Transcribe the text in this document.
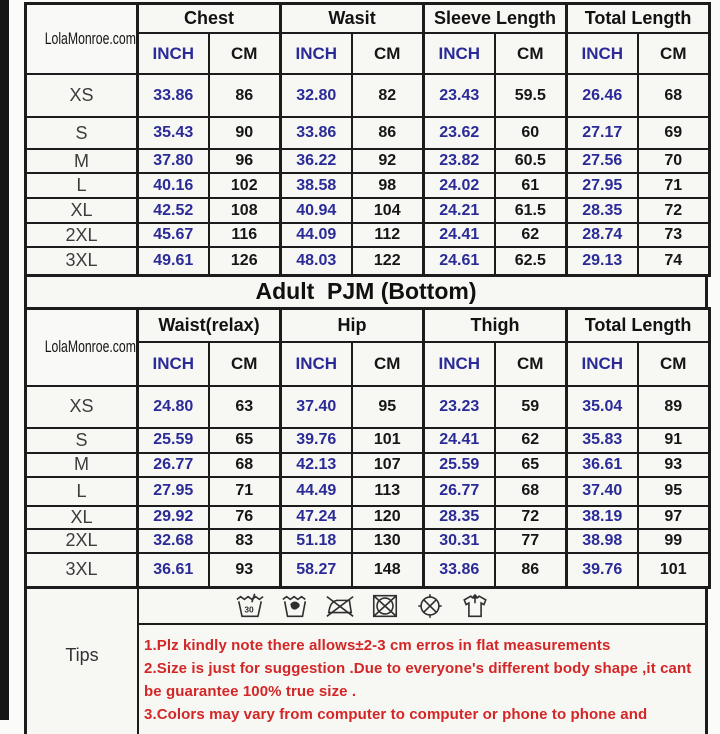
LolaMonroe.com	Chest		Wasit		Sleeve Length		Total Length	
	INCH	CM	INCH	CM	INCH	CM	INCH	CM
XS	33.86	86	32.80	82	23.43	59.5	26.46	68
S	35.43	90	33.86	86	23.62	60	27.17	69
M	37.80	96	36.22	92	23.82	60.5	27.56	70
L	40.16	102	38.58	98	24.02	61	27.95	71
XL	42.52	108	40.94	104	24.21	61.5	28.35	72
2XL	45.67	116	44.09	112	24.41	62	28.74	73
3XL	49.61	126	48.03	122	24.61	62.5	29.13	74
Adult  PJM (Bottom)
LolaMonroe.com	Waist(relax)		Hip		Thigh		Total Length	
	INCH	CM	INCH	CM	INCH	CM	INCH	CM
XS	24.80	63	37.40	95	23.23	59	35.04	89
S	25.59	65	39.76	101	24.41	62	35.83	91
M	26.77	68	42.13	107	25.59	65	36.61	93
L	27.95	71	44.49	113	26.77	68	37.40	95
XL	29.92	76	47.24	120	28.35	72	38.19	97
2XL	32.68	83	51.18	130	30.31	77	38.98	99
3XL	36.61	93	58.27	148	33.86	86	39.76	101
Tips
30
1.Plz kindly note there allows±2-3 cm erros in flat measurements
2.Size is just for suggestion .Due to everyone's different body shape ,it cant be guarantee 100% true size .
3.Colors may vary from computer to computer or phone to phone and
